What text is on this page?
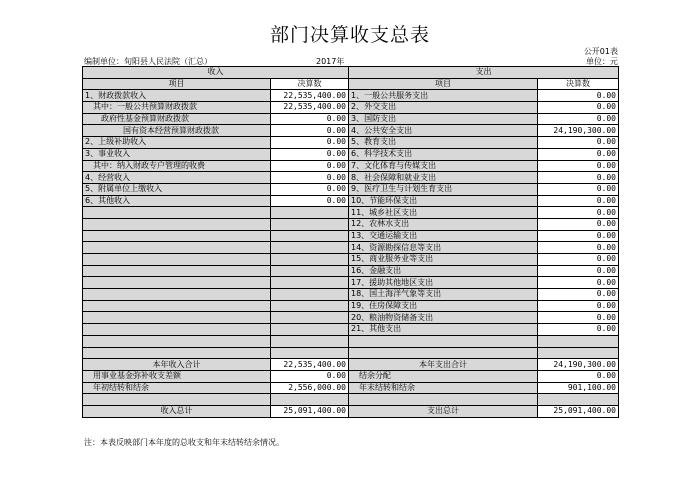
部门决算收支总表
公开01表
编制单位：旬阳县人民法院（汇总）	2017年	单位：元
收入		支出	
项目	决算数	项目	决算数
1、财政拨款收入	22,535,400.00	1、一般公共服务支出	0.00
其中：一般公共预算财政拨款	22,535,400.00	2、外交支出	0.00
政府性基金预算财政拨款	0.00	3、国防支出	0.00
国有资本经营预算财政拨款	0.00	4、公共安全支出	24,190,300.00
2、上级补助收入	0.00	5、教育支出	0.00
3、事业收入	0.00	6、科学技术支出	0.00
其中：纳入财政专户管理的收费	0.00	7、文化体育与传媒支出	0.00
4、经营收入	0.00	8、社会保障和就业支出	0.00
5、附属单位上缴收入	0.00	9、医疗卫生与计划生育支出	0.00
6、其他收入	0.00	10、节能环保支出	0.00
		11、城乡社区支出	0.00
		12、农林水支出	0.00
		13、交通运输支出	0.00
		14、资源勘探信息等支出	0.00
		15、商业服务业等支出	0.00
		16、金融支出	0.00
		17、援助其他地区支出	0.00
		18、国土海洋气象等支出	0.00
		19、住房保障支出	0.00
		20、粮油物资储备支出	0.00
		21、其他支出	0.00

本年收入合计	22,535,400.00	本年支出合计	24,190,300.00
用事业基金弥补收支差额	0.00	结余分配	0.00
年初结转和结余	2,556,000.00	年末结转和结余	901,100.00

收入总计	25,091,400.00	支出总计	25,091,400.00
注：本表反映部门本年度的总收支和年末结转结余情况。
